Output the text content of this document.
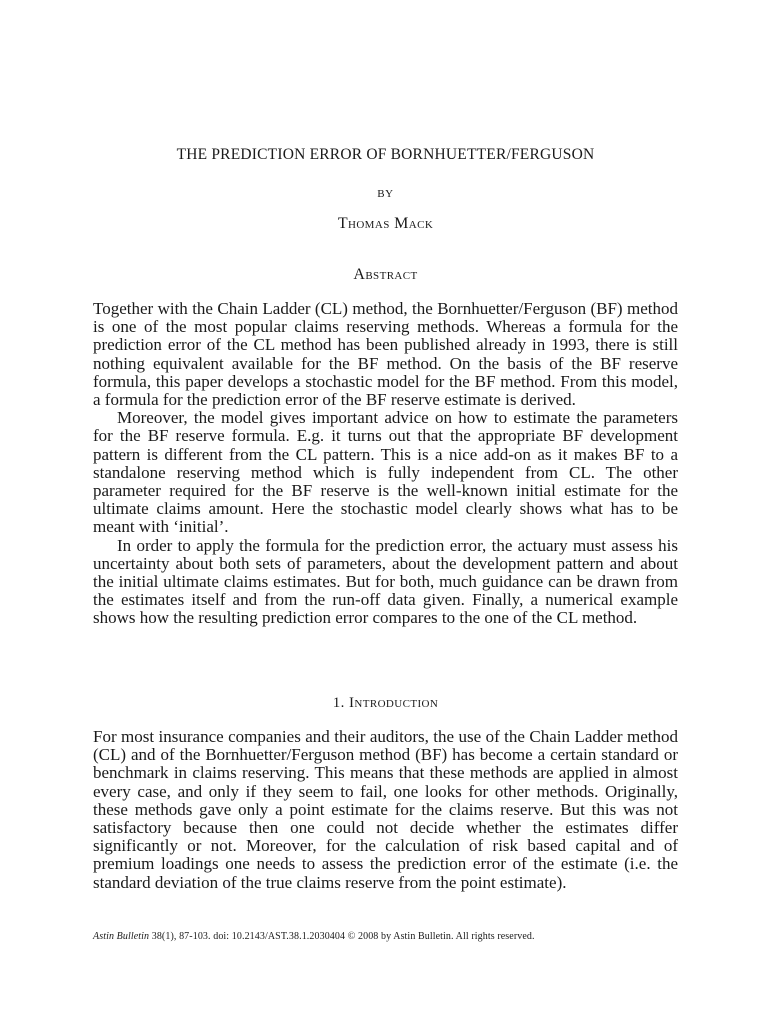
THE PREDICTION ERROR OF BORNHUETTER/FERGUSON
BY
Thomas Mack
Abstract

Together with the Chain Ladder (CL) method, the Bornhuetter/Ferguson (BF) method is one of the most popular claims reserving methods. Whereas a formula for the prediction error of the CL method has been published already in 1993, there is still nothing equivalent available for the BF method. On the basis of the BF reserve formula, this paper develops a stochastic model for the BF method. From this model, a formula for the prediction error of the BF reserve estimate is derived.

Moreover, the model gives important advice on how to estimate the parameters for the BF reserve formula. E.g. it turns out that the appropriate BF development pattern is different from the CL pattern. This is a nice add-on as it makes BF to a standalone reserving method which is fully independent from CL. The other parameter required for the BF reserve is the well-known initial estimate for the ultimate claims amount. Here the stochastic model clearly shows what has to be meant with ‘initial’.

In order to apply the formula for the prediction error, the actuary must assess his uncertainty about both sets of parameters, about the development pattern and about the initial ultimate claims estimates. But for both, much guidance can be drawn from the estimates itself and from the run-off data given. Finally, a numerical example shows how the resulting prediction error compares to the one of the CL method.

1. Introduction

For most insurance companies and their auditors, the use of the Chain Ladder method (CL) and of the Bornhuetter/Ferguson method (BF) has become a certain standard or benchmark in claims reserving. This means that these methods are applied in almost every case, and only if they seem to fail, one looks for other methods. Originally, these methods gave only a point estimate for the claims reserve. But this was not satisfactory because then one could not decide whether the estimates differ significantly or not. Moreover, for the calculation of risk based capital and of premium loadings one needs to assess the prediction error of the estimate (i.e. the standard deviation of the true claims reserve from the point estimate).

Astin Bulletin 38(1), 87-103. doi: 10.2143/AST.38.1.2030404 © 2008 by Astin Bulletin. All rights reserved.
